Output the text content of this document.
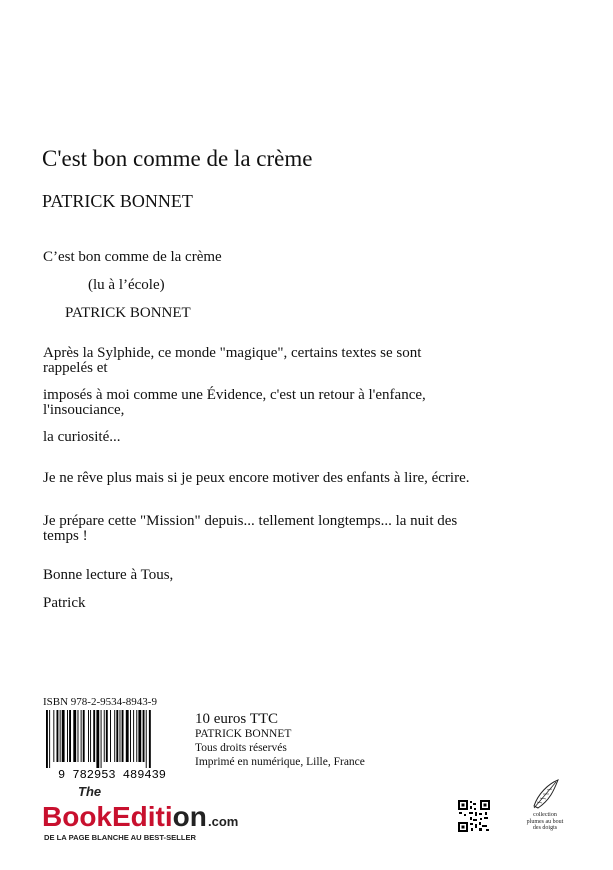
C'est bon comme de la crème
PATRICK BONNET
C’est bon comme de la crème
(lu à l’école)
PATRICK BONNET
Après la Sylphide, ce monde "magique", certains textes se sont rappelés et
imposés à moi comme une Évidence, c'est un retour à l'enfance, l'insouciance,
la curiosité...
Je ne rêve plus mais si je peux encore motiver des enfants à lire, écrire.
Je prépare cette "Mission" depuis... tellement longtemps... la nuit des temps !
Bonne lecture à Tous,
Patrick
ISBN 978-2-9534-8943-9
9 782953 489439
10 euros TTC
PATRICK BONNET
Tous droits réservés
Imprimé en numérique, Lille, France
The
BookEdition .com
DE LA PAGE BLANCHE AU BEST-SELLER
collection plumes au bout des doigts
